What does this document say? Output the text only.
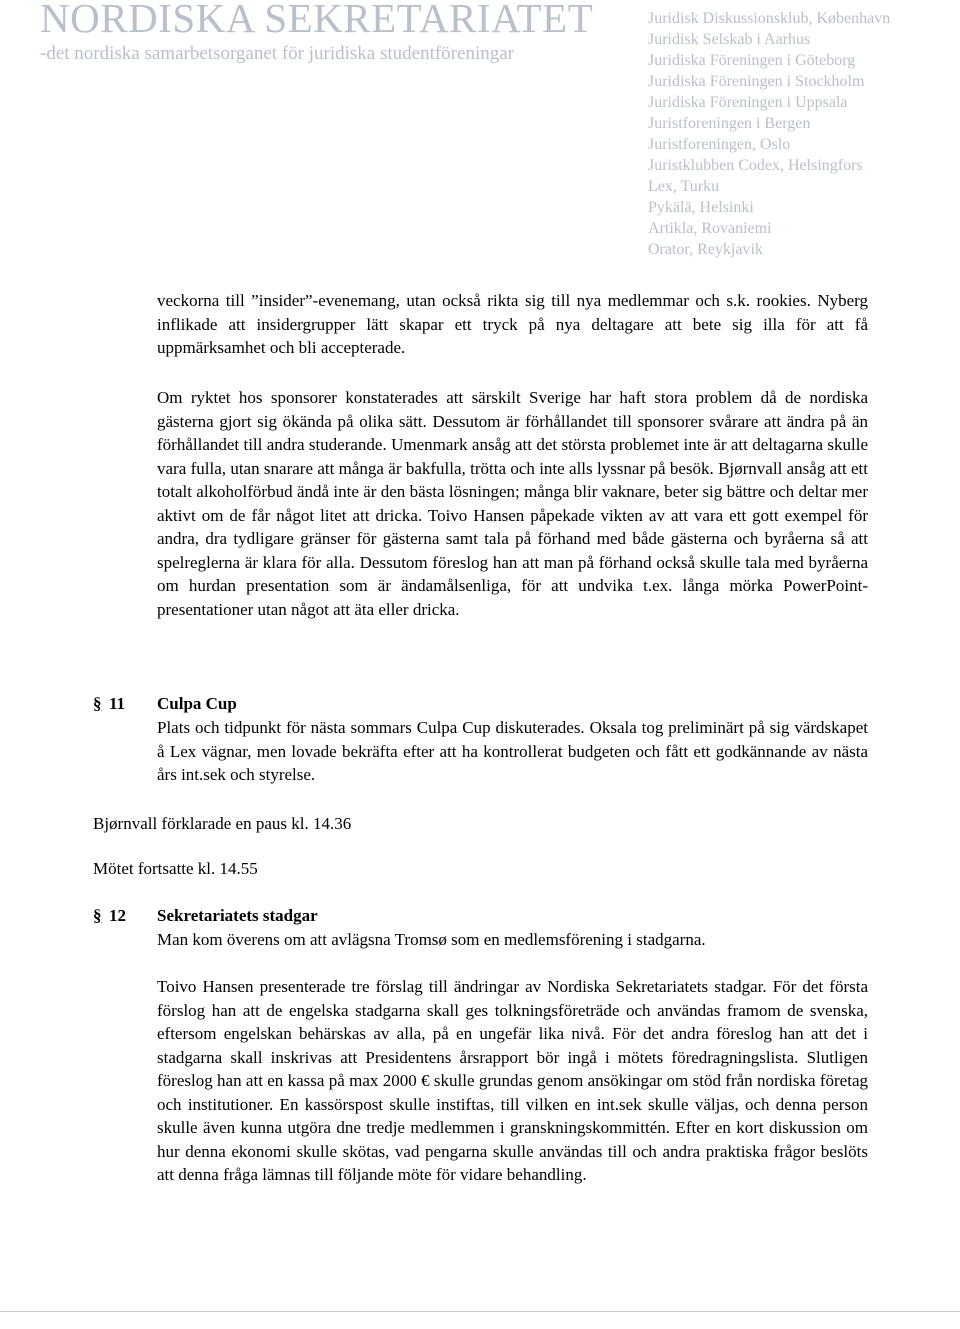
NORDISKA SEKRETARIATET
-det nordiska samarbetsorganet för juridiska studentföreningar
Juridisk Diskussionsklub, København
Juridisk Selskab i Aarhus
Juridiska Föreningen i Göteborg
Juridiska Föreningen i Stockholm
Juridiska Föreningen i Uppsala
Juristforeningen i Bergen
Juristforeningen, Oslo
Juristklubben Codex, Helsingfors
Lex, Turku
Pykälä, Helsinki
Artikla, Rovaniemi
Orator, Reykjavik

veckorna till ”insider”-evenemang, utan också rikta sig till nya medlemmar och s.k. rookies. Nyberg inflikade att insidergrupper lätt skapar ett tryck på nya deltagare att bete sig illa för att få uppmärksamhet och bli accepterade.

Om ryktet hos sponsorer konstaterades att särskilt Sverige har haft stora problem då de nordiska gästerna gjort sig ökända på olika sätt. Dessutom är förhållandet till sponsorer svårare att ändra på än förhållandet till andra studerande. Umenmark ansåg att det största problemet inte är att deltagarna skulle vara fulla, utan snarare att många är bakfulla, trötta och inte alls lyssnar på besök. Bjørnvall ansåg att ett totalt alkoholförbud ändå inte är den bästa lösningen; många blir vaknare, beter sig bättre och deltar mer aktivt om de får något litet att dricka. Toivo Hansen påpekade vikten av att vara ett gott exempel för andra, dra tydligare gränser för gästerna samt tala på förhand med både gästerna och byråerna så att spelreglerna är klara för alla. Dessutom föreslog han att man på förhand också skulle tala med byråerna om hurdan presentation som är ändamålsenliga, för att undvika t.ex. långa mörka PowerPoint-presentationer utan något att äta eller dricka.

§ 11 Culpa Cup

Plats och tidpunkt för nästa sommars Culpa Cup diskuterades. Oksala tog preliminärt på sig värdskapet å Lex vägnar, men lovade bekräfta efter att ha kontrollerat budgeten och fått ett godkännande av nästa års int.sek och styrelse.

Bjørnvall förklarade en paus kl. 14.36

Mötet fortsatte kl. 14.55

§ 12 Sekretariatets stadgar

Man kom överens om att avlägsna Tromsø som en medlemsförening i stadgarna.

Toivo Hansen presenterade tre förslag till ändringar av Nordiska Sekretariatets stadgar. För det första förslog han att de engelska stadgarna skall ges tolkningsföreträde och användas framom de svenska, eftersom engelskan behärskas av alla, på en ungefär lika nivå. För det andra föreslog han att det i stadgarna skall inskrivas att Presidentens årsrapport bör ingå i mötets föredragningslista. Slutligen föreslog han att en kassa på max 2000 € skulle grundas genom ansökingar om stöd från nordiska företag och institutioner. En kassörspost skulle instiftas, till vilken en int.sek skulle väljas, och denna person skulle även kunna utgöra dne tredje medlemmen i granskningskommittén. Efter en kort diskussion om hur denna ekonomi skulle skötas, vad pengarna skulle användas till och andra praktiska frågor beslöts att denna fråga lämnas till följande möte för vidare behandling.
